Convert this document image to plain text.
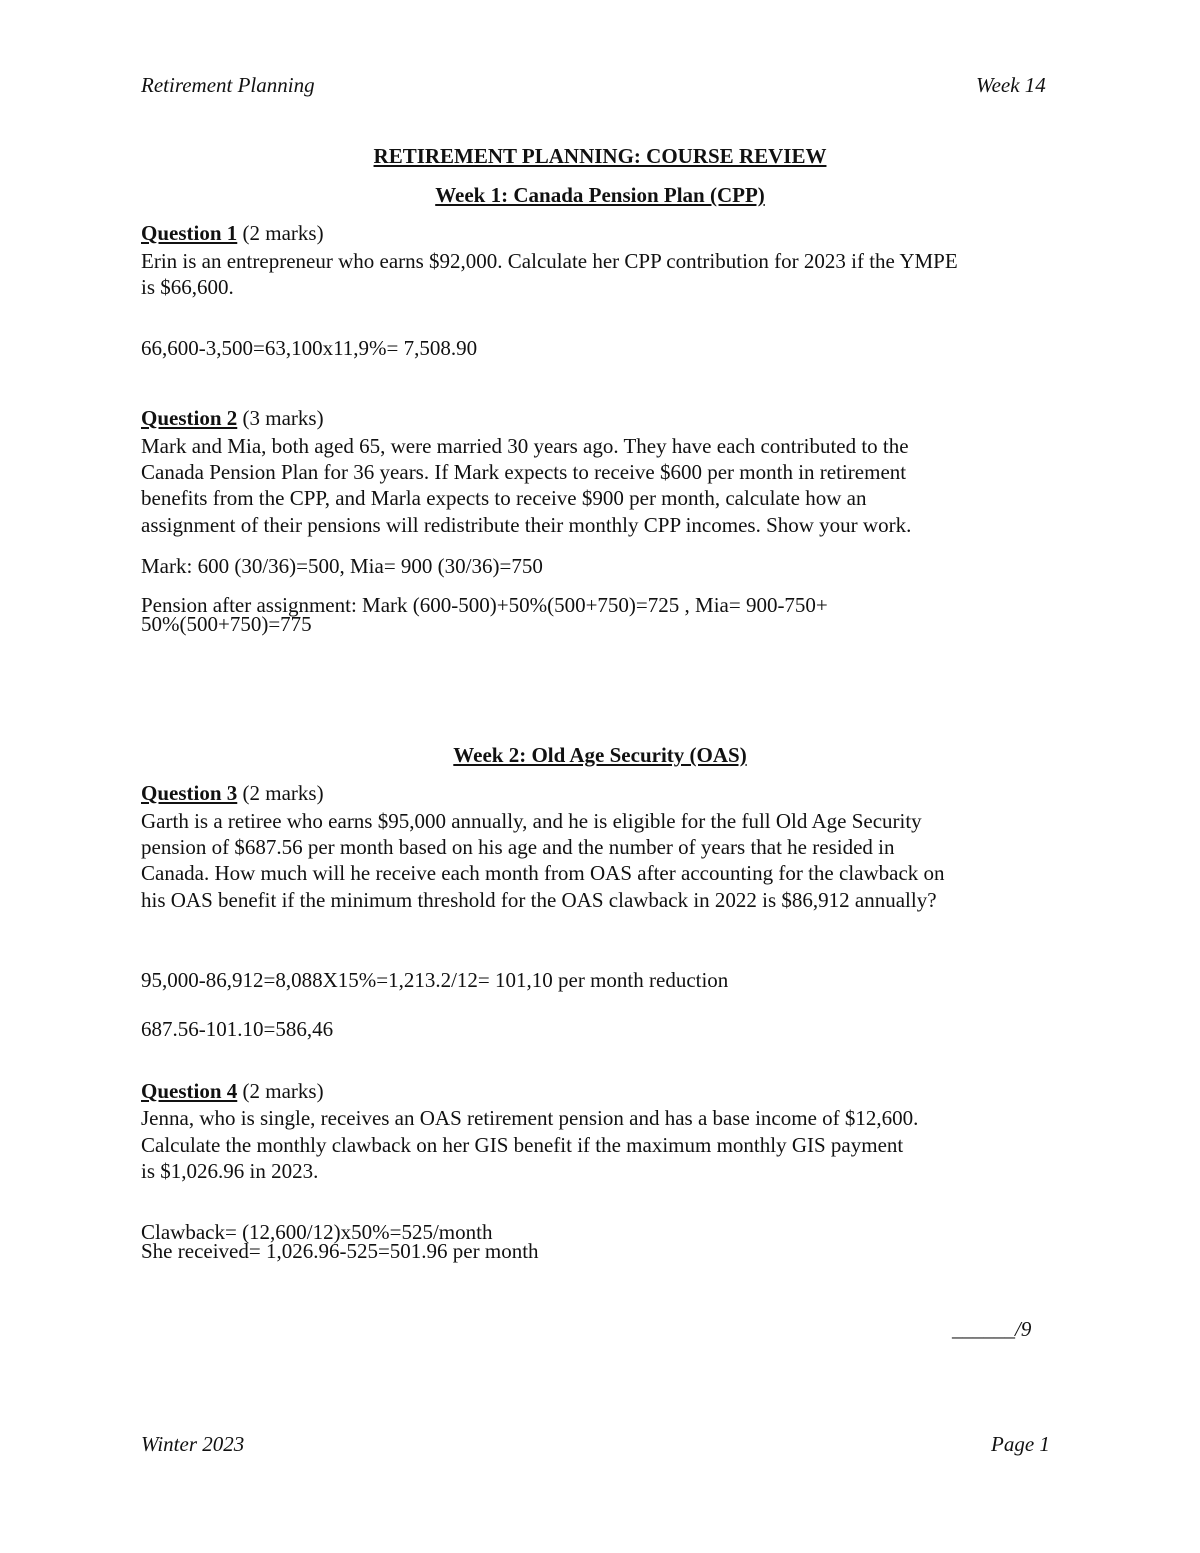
Retirement Planning	Week 14
RETIREMENT PLANNING: COURSE REVIEW
Week 1: Canada Pension Plan (CPP)
Question 1 (2 marks)
Erin is an entrepreneur who earns $92,000. Calculate her CPP contribution for 2023 if the YMPE
is $66,600.
66,600-3,500=63,100x11,9%= 7,508.90
Question 2 (3 marks)
Mark and Mia, both aged 65, were married 30 years ago. They have each contributed to the
Canada Pension Plan for 36 years. If Mark expects to receive $600 per month in retirement
benefits from the CPP, and Marla expects to receive $900 per month, calculate how an
assignment of their pensions will redistribute their monthly CPP incomes. Show your work.
Mark: 600 (30/36)=500, Mia= 900 (30/36)=750
Pension after assignment: Mark (600-500)+50%(500+750)=725 , Mia= 900-750+
50%(500+750)=775
Week 2: Old Age Security (OAS)
Question 3 (2 marks)
Garth is a retiree who earns $95,000 annually, and he is eligible for the full Old Age Security
pension of $687.56 per month based on his age and the number of years that he resided in
Canada. How much will he receive each month from OAS after accounting for the clawback on
his OAS benefit if the minimum threshold for the OAS clawback in 2022 is $86,912 annually?
95,000-86,912=8,088X15%=1,213.2/12= 101,10 per month reduction
687.56-101.10=586,46
Question 4 (2 marks)
Jenna, who is single, receives an OAS retirement pension and has a base income of $12,600.
Calculate the monthly clawback on her GIS benefit if the maximum monthly GIS payment
is $1,026.96 in 2023.
Clawback= (12,600/12)x50%=525/month
She received= 1,026.96-525=501.96 per month
______/9
Winter 2023	Page 1
